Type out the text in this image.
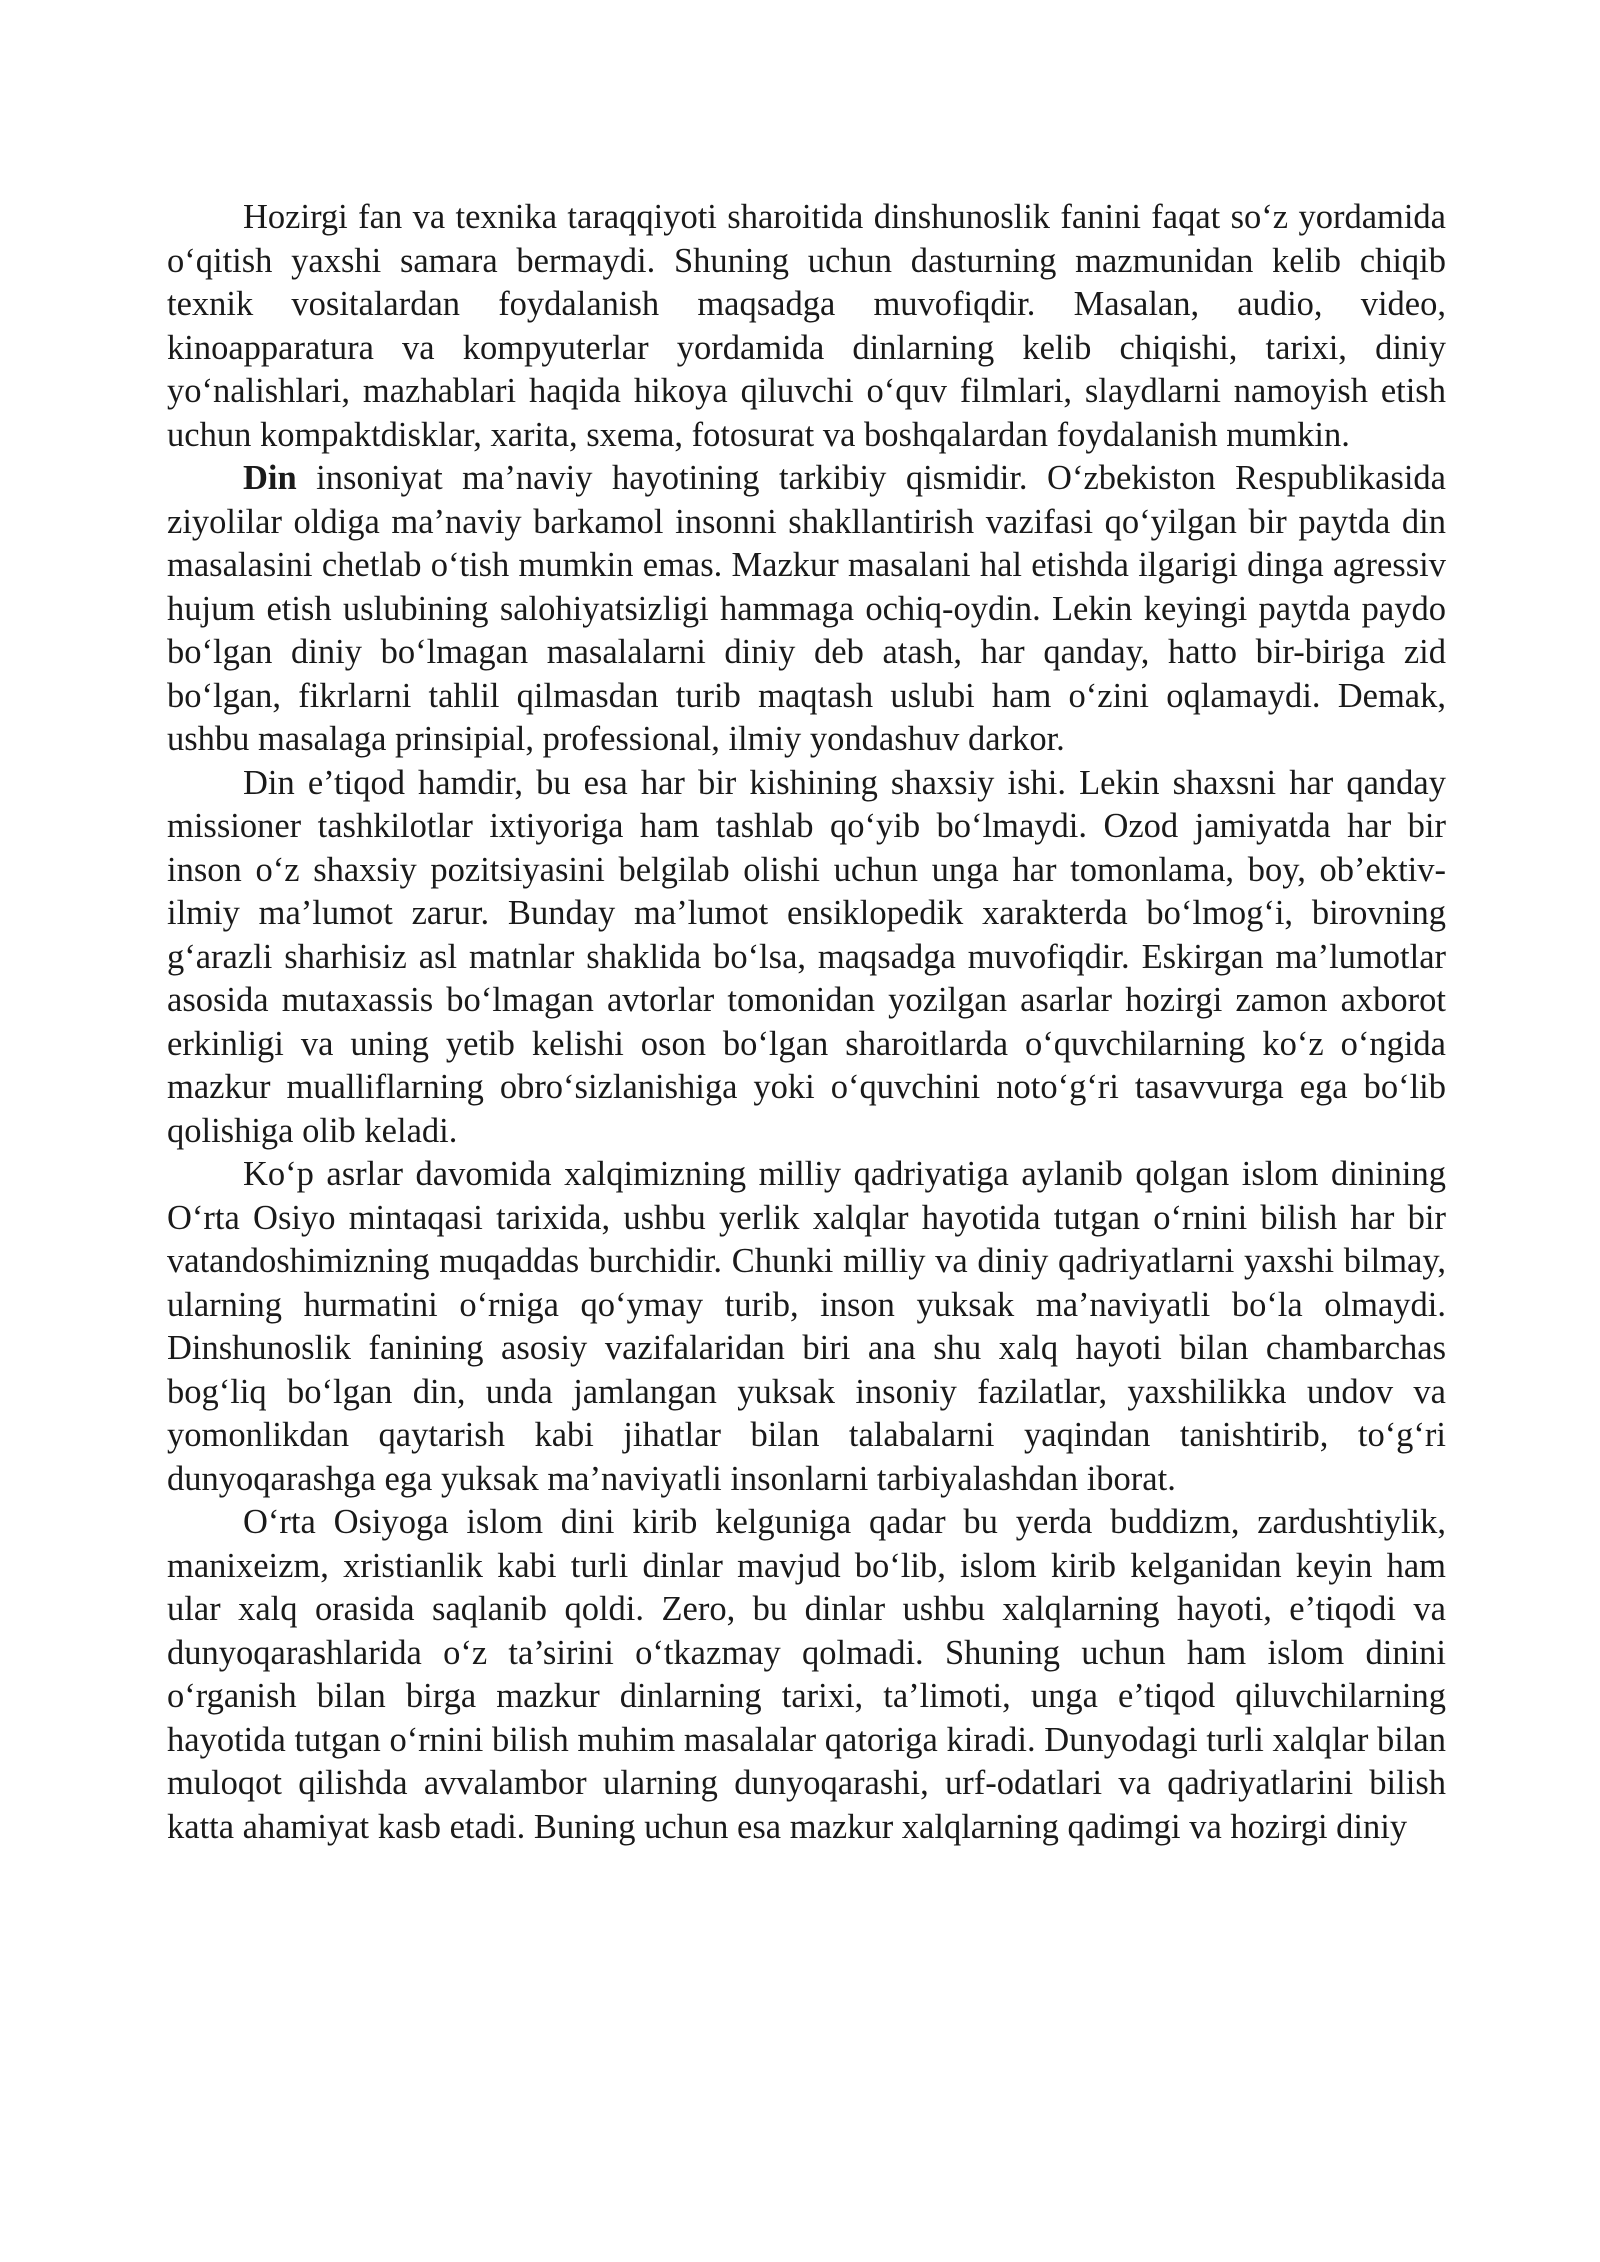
Hozirgi fan va texnika taraqqiyoti sharoitida dinshunoslik fanini faqat so‘z yordamida o‘qitish yaxshi samara bermaydi. Shuning uchun dasturning mazmunidan kelib chiqib texnik vositalardan foydalanish maqsadga muvofiqdir. Masalan, audio, video, kinoapparatura va kompyuterlar yordamida dinlarning kelib chiqishi, tarixi, diniy yo‘nalishlari, mazhablari haqida hikoya qiluvchi o‘quv filmlari, slaydlarni namoyish etish uchun kompaktdisklar, xarita, sxema, fotosurat va boshqalardan foydalanish mumkin.

Din insoniyat ma’naviy hayotining tarkibiy qismidir. O‘zbekiston Respublikasida ziyolilar oldiga ma’naviy barkamol insonni shakllantirish vazifasi qo‘yilgan bir paytda din masalasini chetlab o‘tish mumkin emas. Mazkur masalani hal etishda ilgarigi dinga agressiv hujum etish uslubining salohiyatsizligi hammaga ochiq-oydin. Lekin keyingi paytda paydo bo‘lgan diniy bo‘lmagan masalalarni diniy deb atash, har qanday, hatto bir-biriga zid bo‘lgan, fikrlarni tahlil qilmasdan turib maqtash uslubi ham o‘zini oqlamaydi. Demak, ushbu masalaga prinsipial, professional, ilmiy yondashuv darkor.

Din e’tiqod hamdir, bu esa har bir kishining shaxsiy ishi. Lekin shaxsni har qanday missioner tashkilotlar ixtiyoriga ham tashlab qo‘yib bo‘lmaydi. Ozod jamiyatda har bir inson o‘z shaxsiy pozitsiyasini belgilab olishi uchun unga har tomonlama, boy, ob’ektiv-ilmiy ma’lumot zarur. Bunday ma’lumot ensiklopedik xarakterda bo‘lmog‘i, birovning g‘arazli sharhisiz asl matnlar shaklida bo‘lsa, maqsadga muvofiqdir. Eskirgan ma’lumotlar asosida mutaxassis bo‘lmagan avtorlar tomonidan yozilgan asarlar hozirgi zamon axborot erkinligi va uning yetib kelishi oson bo‘lgan sharoitlarda o‘quvchilarning ko‘z o‘ngida mazkur mualliflarning obro‘sizlanishiga yoki o‘quvchini noto‘g‘ri tasavvurga ega bo‘lib qolishiga olib keladi.

Ko‘p asrlar davomida xalqimizning milliy qadriyatiga aylanib qolgan islom dinining O‘rta Osiyo mintaqasi tarixida, ushbu yerlik xalqlar hayotida tutgan o‘rnini bilish har bir vatandoshimizning muqaddas burchidir. Chunki milliy va diniy qadriyatlarni yaxshi bilmay, ularning hurmatini o‘rniga qo‘ymay turib, inson yuksak ma’naviyatli bo‘la olmaydi. Dinshunoslik fanining asosiy vazifalaridan biri ana shu xalq hayoti bilan chambarchas bog‘liq bo‘lgan din, unda jamlangan yuksak insoniy fazilatlar, yaxshilikka undov va yomonlikdan qaytarish kabi jihatlar bilan talabalarni yaqindan tanishtirib, to‘g‘ri dunyoqarashga ega yuksak ma’naviyatli insonlarni tarbiyalashdan iborat.

O‘rta Osiyoga islom dini kirib kelguniga qadar bu yerda buddizm, zardushtiylik, manixeizm, xristianlik kabi turli dinlar mavjud bo‘lib, islom kirib kelganidan keyin ham ular xalq orasida saqlanib qoldi. Zero, bu dinlar ushbu xalqlarning hayoti, e’tiqodi va dunyoqarashlarida o‘z ta’sirini o‘tkazmay qolmadi. Shuning uchun ham islom dinini o‘rganish bilan birga mazkur dinlarning tarixi, ta’limoti, unga e’tiqod qiluvchilarning hayotida tutgan o‘rnini bilish muhim masalalar qatoriga kiradi. Dunyodagi turli xalqlar bilan muloqot qilishda avvalambor ularning dunyoqarashi, urf-odatlari va qadriyatlarini bilish katta ahamiyat kasb etadi. Buning uchun esa mazkur xalqlarning qadimgi va hozirgi diniy
